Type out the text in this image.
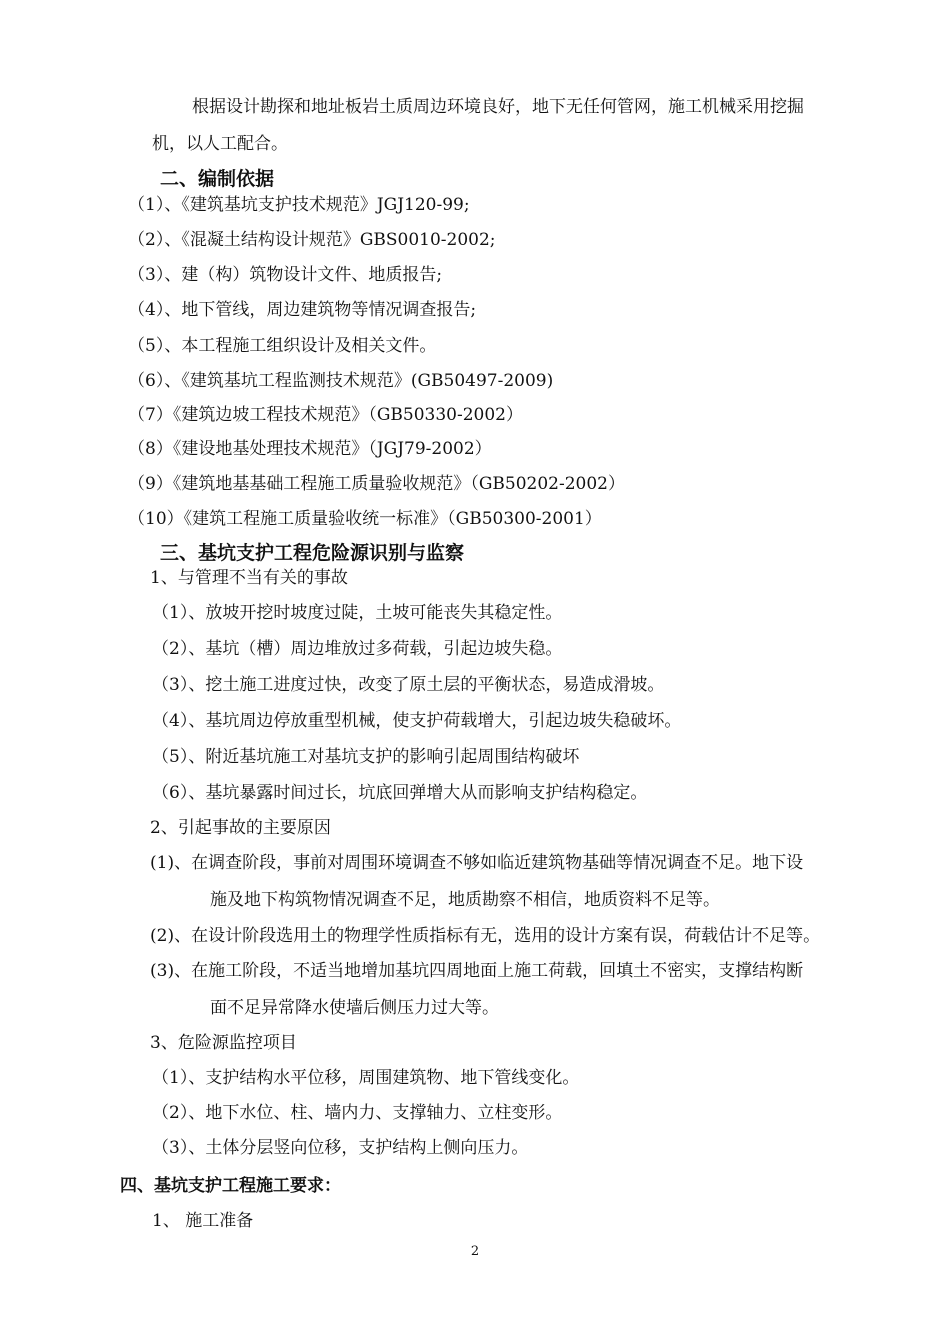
根据设计勘探和地址板岩土质周边环境良好，地下无任何管网，施工机械采用挖掘
机，以人工配合。
二、编制依据
（1）、《建筑基坑支护技术规范》JGJ120-99;
（2）、《混凝土结构设计规范》GBS0010-2002;
（3）、建（构）筑物设计文件、地质报告;
（4）、地下管线，周边建筑物等情况调查报告;
（5）、本工程施工组织设计及相关文件。
（6）、《建筑基坑工程监测技术规范》(GB50497-2009)
（7）《建筑边坡工程技术规范》（GB50330-2002）
（8）《建设地基处理技术规范》（JGJ79-2002）
（9）《建筑地基基础工程施工质量验收规范》（GB50202-2002）
（10）《建筑工程施工质量验收统一标准》（GB50300-2001）
三、基坑支护工程危险源识别与监察
1、与管理不当有关的事故
（1）、放坡开挖时坡度过陡，土坡可能丧失其稳定性。
（2）、基坑（槽）周边堆放过多荷载，引起边坡失稳。
（3）、挖土施工进度过快，改变了原土层的平衡状态，易造成滑坡。
（4）、基坑周边停放重型机械，使支护荷载增大，引起边坡失稳破坏。
（5）、附近基坑施工对基坑支护的影响引起周围结构破坏
（6）、基坑暴露时间过长，坑底回弹增大从而影响支护结构稳定。
2、引起事故的主要原因
(1)、在调查阶段，事前对周围环境调查不够如临近建筑物基础等情况调查不足。地下设
施及地下构筑物情况调查不足，地质勘察不相信，地质资料不足等。
(2)、在设计阶段选用土的物理学性质指标有无，选用的设计方案有误，荷载估计不足等。
(3)、在施工阶段，不适当地增加基坑四周地面上施工荷载，回填土不密实，支撑结构断
面不足异常降水使墙后侧压力过大等。
3、危险源监控项目
（1）、支护结构水平位移，周围建筑物、地下管线变化。
（2）、地下水位、柱、墙内力、支撑轴力、立柱变形。
（3）、土体分层竖向位移，支护结构上侧向压力。
四、基坑支护工程施工要求：
1、 施工准备
2
